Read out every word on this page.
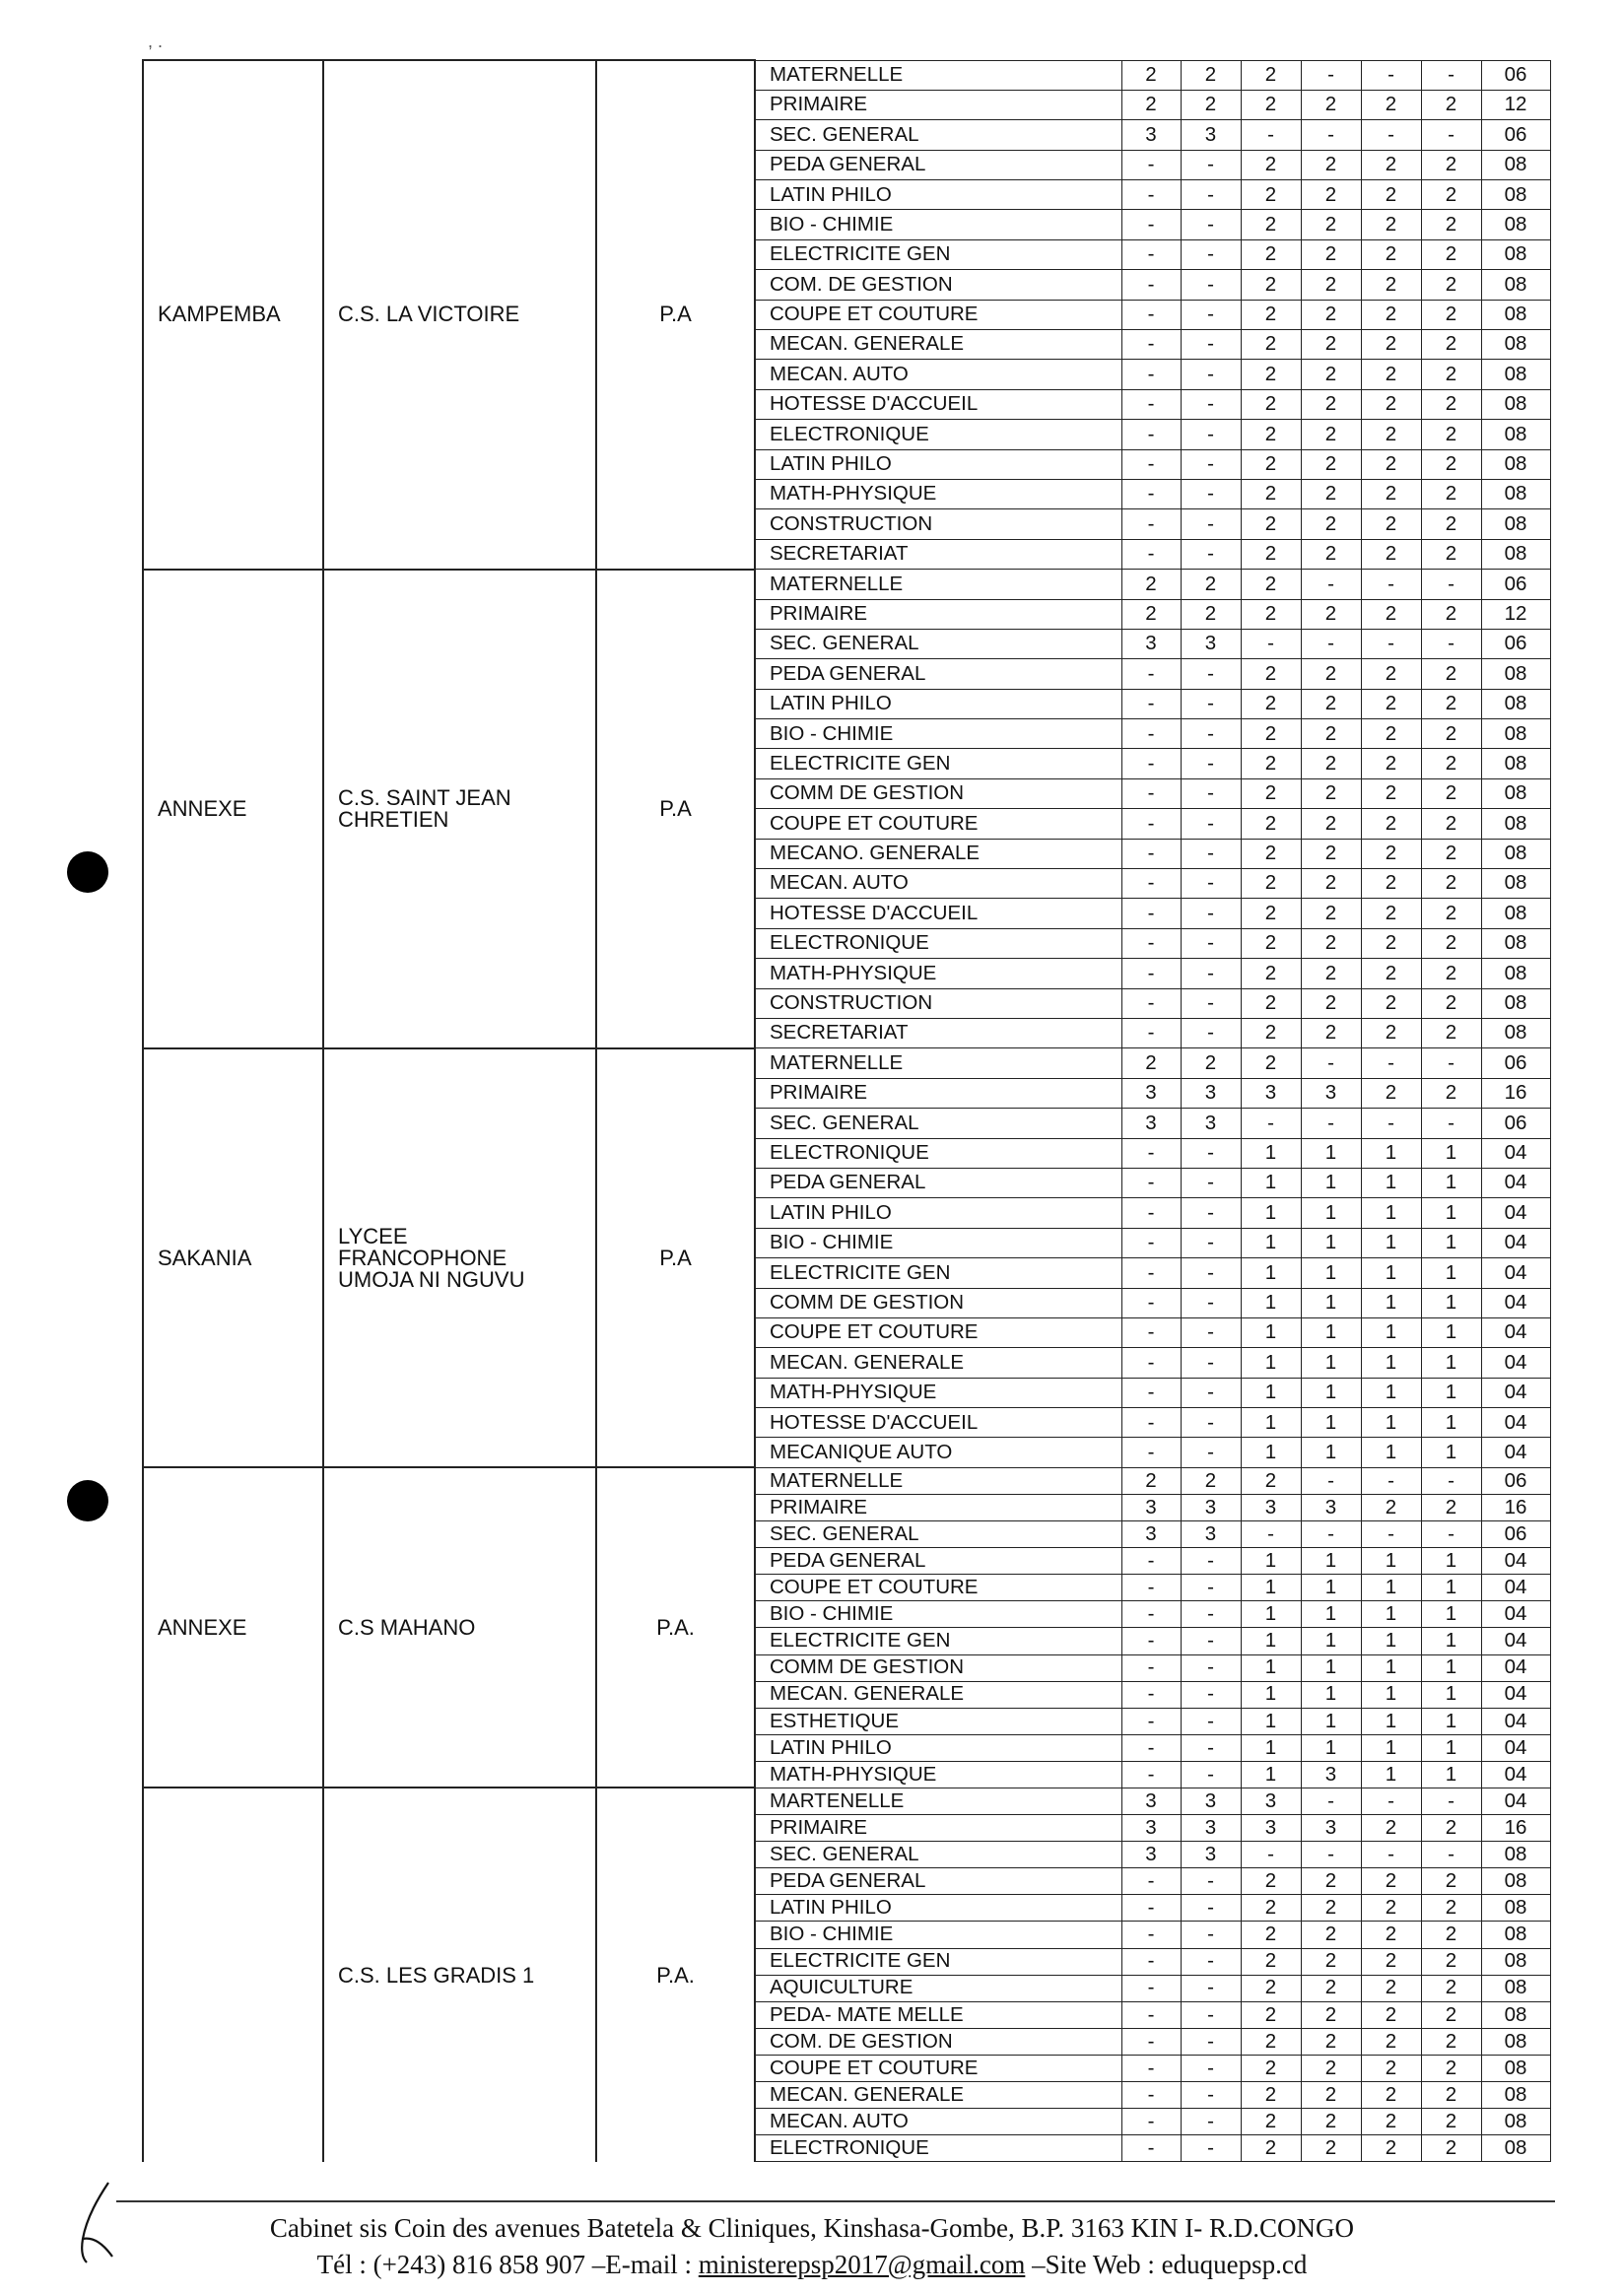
, .
KAMPEMBA	C.S. LA VICTOIRE	P.A	MATERNELLE	2	2	2	-	-	-	06
			PRIMAIRE	2	2	2	2	2	2	12
			SEC. GENERAL	3	3	-	-	-	-	06
			PEDA GENERAL	-	-	2	2	2	2	08
			LATIN PHILO	-	-	2	2	2	2	08
			BIO - CHIMIE	-	-	2	2	2	2	08
			ELECTRICITE GEN	-	-	2	2	2	2	08
			COM. DE GESTION	-	-	2	2	2	2	08
			COUPE ET COUTURE	-	-	2	2	2	2	08
			MECAN. GENERALE	-	-	2	2	2	2	08
			MECAN. AUTO	-	-	2	2	2	2	08
			HOTESSE D'ACCUEIL	-	-	2	2	2	2	08
			ELECTRONIQUE	-	-	2	2	2	2	08
			LATIN PHILO	-	-	2	2	2	2	08
			MATH-PHYSIQUE	-	-	2	2	2	2	08
			CONSTRUCTION	-	-	2	2	2	2	08
			SECRETARIAT	-	-	2	2	2	2	08
ANNEXE	C.S. SAINT JEAN CHRETIEN	P.A	MATERNELLE	2	2	2	-	-	-	06
			PRIMAIRE	2	2	2	2	2	2	12
			SEC. GENERAL	3	3	-	-	-	-	06
			PEDA GENERAL	-	-	2	2	2	2	08
			LATIN PHILO	-	-	2	2	2	2	08
			BIO - CHIMIE	-	-	2	2	2	2	08
			ELECTRICITE GEN	-	-	2	2	2	2	08
			COMM DE GESTION	-	-	2	2	2	2	08
			COUPE ET COUTURE	-	-	2	2	2	2	08
			MECANO. GENERALE	-	-	2	2	2	2	08
			MECAN. AUTO	-	-	2	2	2	2	08
			HOTESSE D'ACCUEIL	-	-	2	2	2	2	08
			ELECTRONIQUE	-	-	2	2	2	2	08
			MATH-PHYSIQUE	-	-	2	2	2	2	08
			CONSTRUCTION	-	-	2	2	2	2	08
			SECRETARIAT	-	-	2	2	2	2	08
SAKANIA	LYCEE FRANCOPHONE UMOJA NI NGUVU	P.A	MATERNELLE	2	2	2	-	-	-	06
			PRIMAIRE	3	3	3	3	2	2	16
			SEC. GENERAL	3	3	-	-	-	-	06
			ELECTRONIQUE	-	-	1	1	1	1	04
			PEDA GENERAL	-	-	1	1	1	1	04
			LATIN PHILO	-	-	1	1	1	1	04
			BIO - CHIMIE	-	-	1	1	1	1	04
			ELECTRICITE GEN	-	-	1	1	1	1	04
			COMM DE GESTION	-	-	1	1	1	1	04
			COUPE ET COUTURE	-	-	1	1	1	1	04
			MECAN. GENERALE	-	-	1	1	1	1	04
			MATH-PHYSIQUE	-	-	1	1	1	1	04
			HOTESSE D'ACCUEIL	-	-	1	1	1	1	04
			MECANIQUE AUTO	-	-	1	1	1	1	04
ANNEXE	C.S MAHANO	P.A.	MATERNELLE	2	2	2	-	-	-	06
			PRIMAIRE	3	3	3	3	2	2	16
			SEC. GENERAL	3	3	-	-	-	-	06
			PEDA GENERAL	-	-	1	1	1	1	04
			COUPE ET COUTURE	-	-	1	1	1	1	04
			BIO - CHIMIE	-	-	1	1	1	1	04
			ELECTRICITE GEN	-	-	1	1	1	1	04
			COMM DE GESTION	-	-	1	1	1	1	04
			MECAN. GENERALE	-	-	1	1	1	1	04
			ESTHETIQUE	-	-	1	1	1	1	04
			LATIN PHILO	-	-	1	1	1	1	04
			MATH-PHYSIQUE	-	-	1	3	1	1	04
	C.S. LES GRADIS 1	P.A.	MARTENELLE	3	3	3	-	-	-	04
			PRIMAIRE	3	3	3	3	2	2	16
			SEC. GENERAL	3	3	-	-	-	-	08
			PEDA GENERAL	-	-	2	2	2	2	08
			LATIN PHILO	-	-	2	2	2	2	08
			BIO - CHIMIE	-	-	2	2	2	2	08
			ELECTRICITE GEN	-	-	2	2	2	2	08
			AQUICULTURE	-	-	2	2	2	2	08
			PEDA- MATE MELLE	-	-	2	2	2	2	08
			COM. DE GESTION	-	-	2	2	2	2	08
			COUPE ET COUTURE	-	-	2	2	2	2	08
			MECAN. GENERALE	-	-	2	2	2	2	08
			MECAN. AUTO	-	-	2	2	2	2	08
			ELECTRONIQUE	-	-	2	2	2	2	08
Cabinet sis Coin des avenues Batetela & Cliniques, Kinshasa-Gombe, B.P. 3163 KIN I- R.D.CONGO
Tél : (+243) 816 858 907 –E-mail : ministerepsp2017@gmail.com –Site Web : eduquepsp.cd
